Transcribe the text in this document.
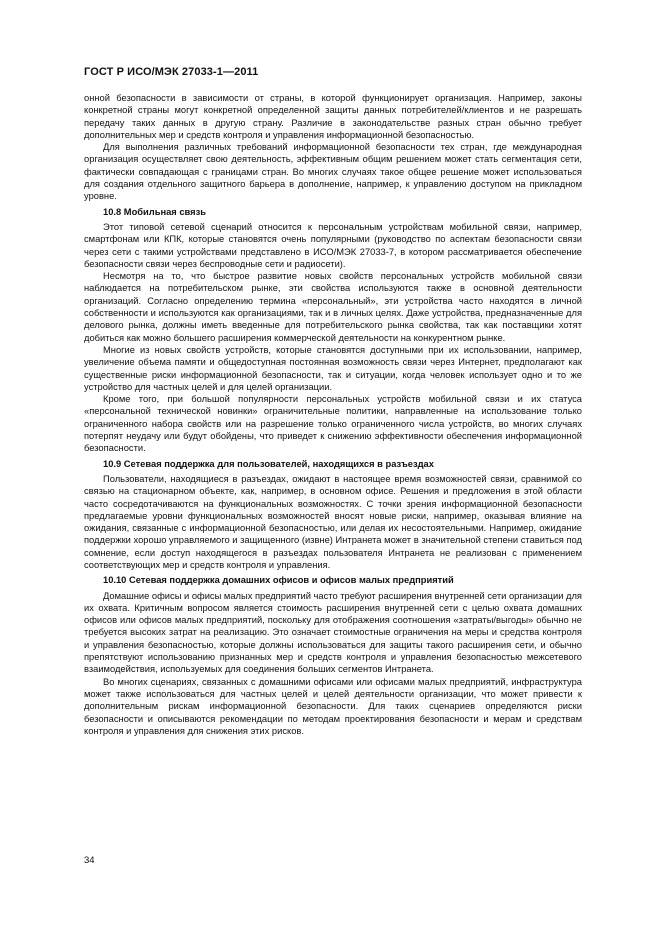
ГОСТ Р ИСО/МЭК 27033-1—2011

онной безопасности в зависимости от страны, в которой функционирует организация. Например, законы конкретной страны могут конкретной определенной защиты данных потребителей/клиентов и не разрешать передачу таких данных в другую страну. Различие в законодательстве разных стран обычно требует дополнительных мер и средств контроля и управления информационной безопасностью.

Для выполнения различных требований информационной безопасности тех стран, где международная организация осуществляет свою деятельность, эффективным общим решением может стать сегментация сети, фактически совпадающая с границами стран. Во многих случаях такое общее решение может использоваться для создания отдельного защитного барьера в дополнение, например, к управлению доступом на прикладном уровне.

10.8 Мобильная связь

Этот типовой сетевой сценарий относится к персональным устройствам мобильной связи, например, смартфонам или КПК, которые становятся очень популярными (руководство по аспектам безопасности связи через сети с такими устройствами представлено в ИСО/МЭК 27033-7, в котором рассматривается обеспечение безопасности связи через беспроводные сети и радиосети).

Несмотря на то, что быстрое развитие новых свойств персональных устройств мобильной связи наблюдается на потребительском рынке, эти свойства используются также в основной деятельности организаций. Согласно определению термина «персональный», эти устройства часто находятся в личной собственности и используются как организациями, так и в личных целях. Даже устройства, предназначенные для делового рынка, должны иметь введенные для потребительского рынка свойства, так как поставщики хотят добиться как можно большего расширения коммерческой деятельности на конкурентном рынке.

Многие из новых свойств устройств, которые становятся доступными при их использовании, например, увеличение объема памяти и общедоступная постоянная возможность связи через Интернет, предполагают как существенные риски информационной безопасности, так и ситуации, когда человек использует одно и то же устройство для частных целей и для целей организации.

Кроме того, при большой популярности персональных устройств мобильной связи и их статуса «персональной технической новинки» ограничительные политики, направленные на использование только ограниченного набора свойств или на разрешение только ограниченного числа устройств, во многих случаях потерпят неудачу или будут обойдены, что приведет к снижению эффективности обеспечения информационной безопасности.

10.9 Сетевая поддержка для пользователей, находящихся в разъездах

Пользователи, находящиеся в разъездах, ожидают в настоящее время возможностей связи, сравнимой со связью на стационарном объекте, как, например, в основном офисе. Решения и предложения в этой области часто сосредотачиваются на функциональных возможностях. С точки зрения информационной безопасности предлагаемые уровни функциональных возможностей вносят новые риски, например, оказывая влияние на ожидания, связанные с информационной безопасностью, или делая их несостоятельными. Например, ожидание поддержки хорошо управляемого и защищенного (извне) Интранета может в значительной степени ставиться под сомнение, если доступ находящегося в разъездах пользователя Интранета не реализован с применением соответствующих мер и средств контроля и управления.

10.10 Сетевая поддержка домашних офисов и офисов малых предприятий

Домашние офисы и офисы малых предприятий часто требуют расширения внутренней сети организации для их охвата. Критичным вопросом является стоимость расширения внутренней сети с целью охвата домашних офисов или офисов малых предприятий, поскольку для отображения соотношения «затраты/выгоды» обычно не требуется высоких затрат на реализацию. Это означает стоимостные ограничения на меры и средства контроля и управления безопасностью, которые должны использоваться для защиты такого расширения сети, и обычно препятствуют использованию признанных мер и средств контроля и управления безопасностью межсетевого взаимодействия, используемых для соединения больших сегментов Интранета.

Во многих сценариях, связанных с домашними офисами или офисами малых предприятий, инфраструктура может также использоваться для частных целей и целей деятельности организации, что может привести к дополнительным рискам информационной безопасности. Для таких сценариев определяются риски безопасности и описываются рекомендации по методам проектирования безопасности и мерам и средствам контроля и управления для снижения этих рисков.

34
